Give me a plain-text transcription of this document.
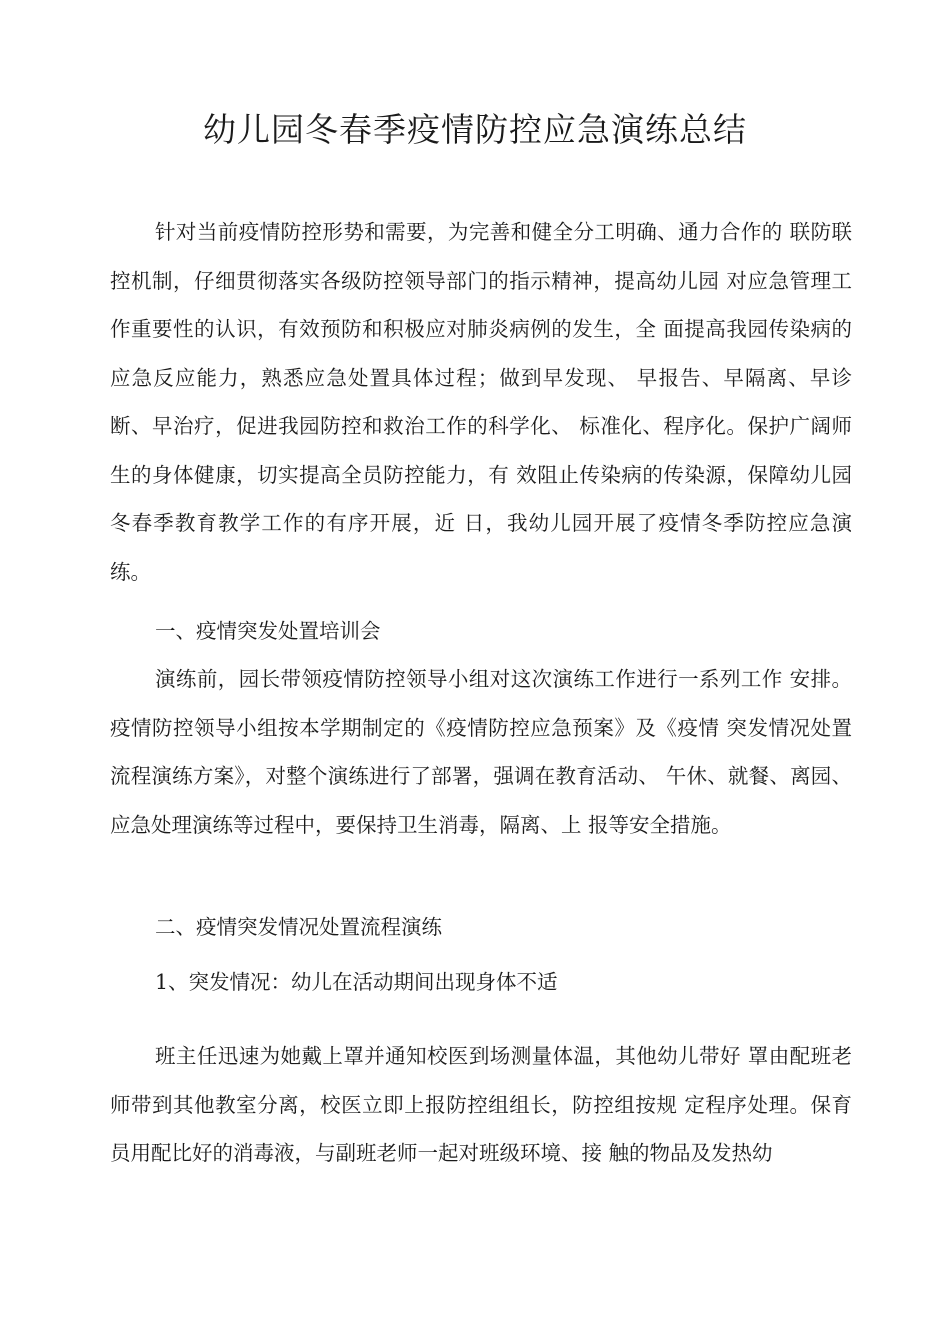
幼儿园冬春季疫情防控应急演练总结

针对当前疫情防控形势和需要，为完善和健全分工明确、通力合作的 联防联控机制，仔细贯彻落实各级防控领导部门的指示精神，提高幼儿园 对应急管理工作重要性的认识，有效预防和积极应对肺炎病例的发生，全 面提高我园传染病的应急反应能力，熟悉应急处置具体过程；做到早发现、 早报告、早隔离、早诊断、早治疗，促进我园防控和救治工作的科学化、 标准化、程序化。保护广阔师生的身体健康，切实提高全员防控能力，有 效阻止传染病的传染源，保障幼儿园冬春季教育教学工作的有序开展，近 日，我幼儿园开展了疫情冬季防控应急演练。

一、疫情突发处置培训会

演练前，园长带领疫情防控领导小组对这次演练工作进行一系列工作 安排。疫情防控领导小组按本学期制定的《疫情防控应急预案》及《疫情 突发情况处置流程演练方案》，对整个演练进行了部署，强调在教育活动、 午休、就餐、离园、应急处理演练等过程中，要保持卫生消毒，隔离、上 报等安全措施。

二、疫情突发情况处置流程演练

1、突发情况：幼儿在活动期间出现身体不适

班主任迅速为她戴上罩并通知校医到场测量体温，其他幼儿带好 罩由配班老师带到其他教室分离，校医立即上报防控组组长，防控组按规 定程序处理。保育员用配比好的消毒液，与副班老师一起对班级环境、接 触的物品及发热幼
